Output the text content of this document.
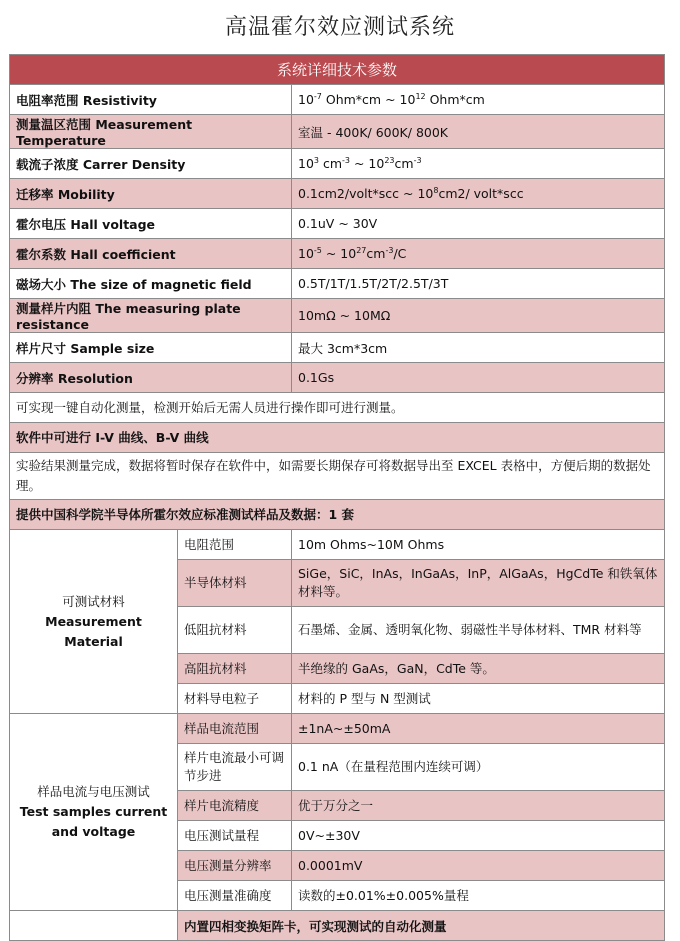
高温霍尔效应测试系统
系统详细技术参数		
电阻率范围 Resistivity		$10^{-7}$ Ohm*cm ~ $10^{12}$ Ohm*cm
测量温区范围 Measurement Temperature		室温 - 400K/ 600K/ 800K
载流子浓度 Carrer Density		$10^3$ $cm^{-3}$ ~ $10^{23}cm^{-3}$
迁移率 Mobility		0.1cm2/volt*scc ~ $10^8cm2/$ volt*scc
霍尔电压 Hall voltage		0.1uV ~ 30V
霍尔系数 Hall coefficient		$10^{-5}$ ~ $10^{27}cm^{-3}/C$
磁场大小 The size of magnetic field		0.5T/1T/1.5T/2T/2.5T/3T
测量样片内阻 The measuring plate resistance		10mΩ ~ 10MΩ
样片尺寸 Sample size		最大 3cm*3cm
分辨率 Resolution		0.1Gs
可实现一键自动化测量，检测开始后无需人员进行操作即可进行测量。		
软件中可进行 I-V 曲线、B-V 曲线		
实验结果测量完成，数据将暂时保存在软件中，如需要长期保存可将数据导出至 EXCEL 表格中，方便后期的数据处理。		
提供中国科学院半导体所霍尔效应标准测试样品及数据：1 套		
可测试材料
Measurement Material	电阻范围	10m Ohms~10M Ohms
	半导体材料	SiGe，SiC，InAs，InGaAs，InP，AlGaAs，HgCdTe 和铁氧体材料等。
	低阻抗材料	石墨烯、金属、透明氧化物、弱磁性半导体材料、TMR 材料等
	高阻抗材料	半绝缘的 GaAs，GaN，CdTe 等。
	材料导电粒子	材料的 P 型与 N 型测试
样品电流与电压测试
Test samples current and voltage	样品电流范围	±1nA~±50mA
	样片电流最小可调节步进	0.1 nA（在量程范围内连续可调）
	样片电流精度	优于万分之一
	电压测试量程	0V~±30V
	电压测量分辨率	0.0001mV
	电压测量准确度	读数的±0.01%±0.005%量程
	内置四相变换矩阵卡，可实现测试的自动化测量	
